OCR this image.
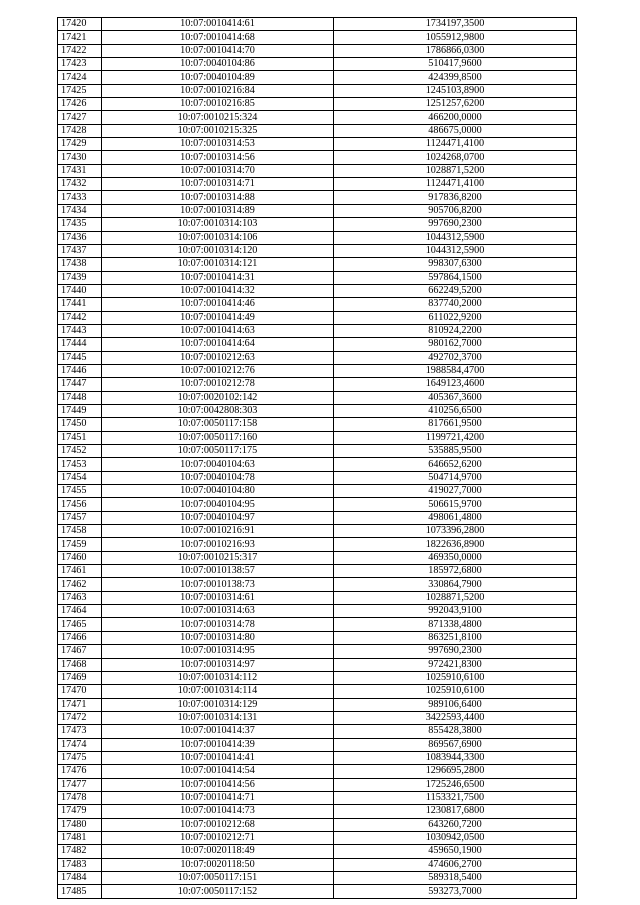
17420	10:07:0010414:61	1734197,3500
17421	10:07:0010414:68	1055912,9800
17422	10:07:0010414:70	1786866,0300
17423	10:07:0040104:86	510417,9600
17424	10:07:0040104:89	424399,8500
17425	10:07:0010216:84	1245103,8900
17426	10:07:0010216:85	1251257,6200
17427	10:07:0010215:324	466200,0000
17428	10:07:0010215:325	486675,0000
17429	10:07:0010314:53	1124471,4100
17430	10:07:0010314:56	1024268,0700
17431	10:07:0010314:70	1028871,5200
17432	10:07:0010314:71	1124471,4100
17433	10:07:0010314:88	917836,8200
17434	10:07:0010314:89	905706,8200
17435	10:07:0010314:103	997690,2300
17436	10:07:0010314:106	1044312,5900
17437	10:07:0010314:120	1044312,5900
17438	10:07:0010314:121	998307,6300
17439	10:07:0010414:31	597864,1500
17440	10:07:0010414:32	662249,5200
17441	10:07:0010414:46	837740,2000
17442	10:07:0010414:49	611022,9200
17443	10:07:0010414:63	810924,2200
17444	10:07:0010414:64	980162,7000
17445	10:07:0010212:63	492702,3700
17446	10:07:0010212:76	1988584,4700
17447	10:07:0010212:78	1649123,4600
17448	10:07:0020102:142	405367,3600
17449	10:07:0042808:303	410256,6500
17450	10:07:0050117:158	817661,9500
17451	10:07:0050117:160	1199721,4200
17452	10:07:0050117:175	535885,9500
17453	10:07:0040104:63	646652,6200
17454	10:07:0040104:78	504714,9700
17455	10:07:0040104:80	419027,7000
17456	10:07:0040104:95	506615,9700
17457	10:07:0040104:97	498061,4800
17458	10:07:0010216:91	1073396,2800
17459	10:07:0010216:93	1822636,8900
17460	10:07:0010215:317	469350,0000
17461	10:07:0010138:57	185972,6800
17462	10:07:0010138:73	330864,7900
17463	10:07:0010314:61	1028871,5200
17464	10:07:0010314:63	992043,9100
17465	10:07:0010314:78	871338,4800
17466	10:07:0010314:80	863251,8100
17467	10:07:0010314:95	997690,2300
17468	10:07:0010314:97	972421,8300
17469	10:07:0010314:112	1025910,6100
17470	10:07:0010314:114	1025910,6100
17471	10:07:0010314:129	989106,6400
17472	10:07:0010314:131	3422593,4400
17473	10:07:0010414:37	855428,3800
17474	10:07:0010414:39	869567,6900
17475	10:07:0010414:41	1083944,3300
17476	10:07:0010414:54	1296695,2800
17477	10:07:0010414:56	1725246,6500
17478	10:07:0010414:71	1153321,7500
17479	10:07:0010414:73	1230817,6800
17480	10:07:0010212:68	643260,7200
17481	10:07:0010212:71	1030942,0500
17482	10:07:0020118:49	459650,1900
17483	10:07:0020118:50	474606,2700
17484	10:07:0050117:151	589318,5400
17485	10:07:0050117:152	593273,7000
